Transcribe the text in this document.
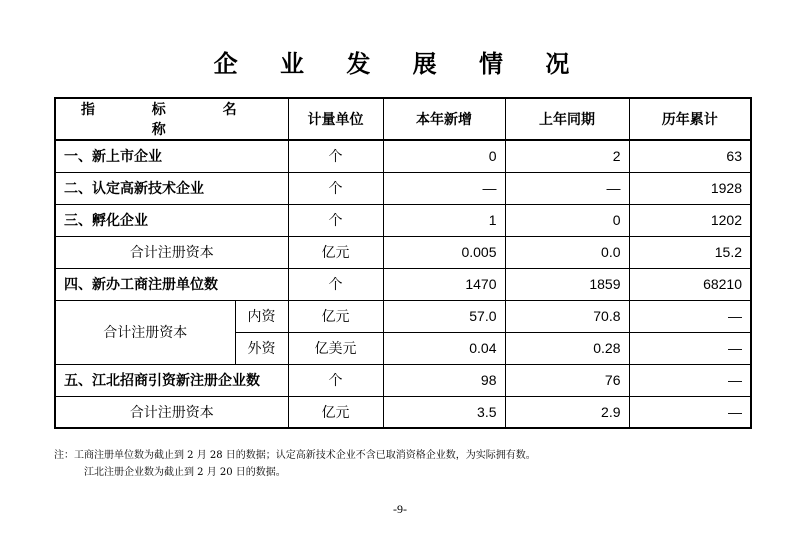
企 业 发 展 情 况
指 标 名 称		计量单位	本年新增	上年同期	历年累计
一、新上市企业		个	0	2	63
二、认定高新技术企业		个	—	—	1928
三、孵化企业		个	1	0	1202
合计注册资本		亿元	0.005	0.0	15.2
四、新办工商注册单位数		个	1470	1859	68210
合计注册资本	内资	亿元	57.0	70.8	—
	外资	亿美元	0.04	0.28	—
五、江北招商引资新注册企业数		个	98	76	—
合计注册资本		亿元	3.5	2.9	—
注：工商注册单位数为截止到 2 月 28 日的数据；认定高新技术企业不含已取消资格企业数，为实际拥有数。
江北注册企业数为截止到 2 月 20 日的数据。
-9-
